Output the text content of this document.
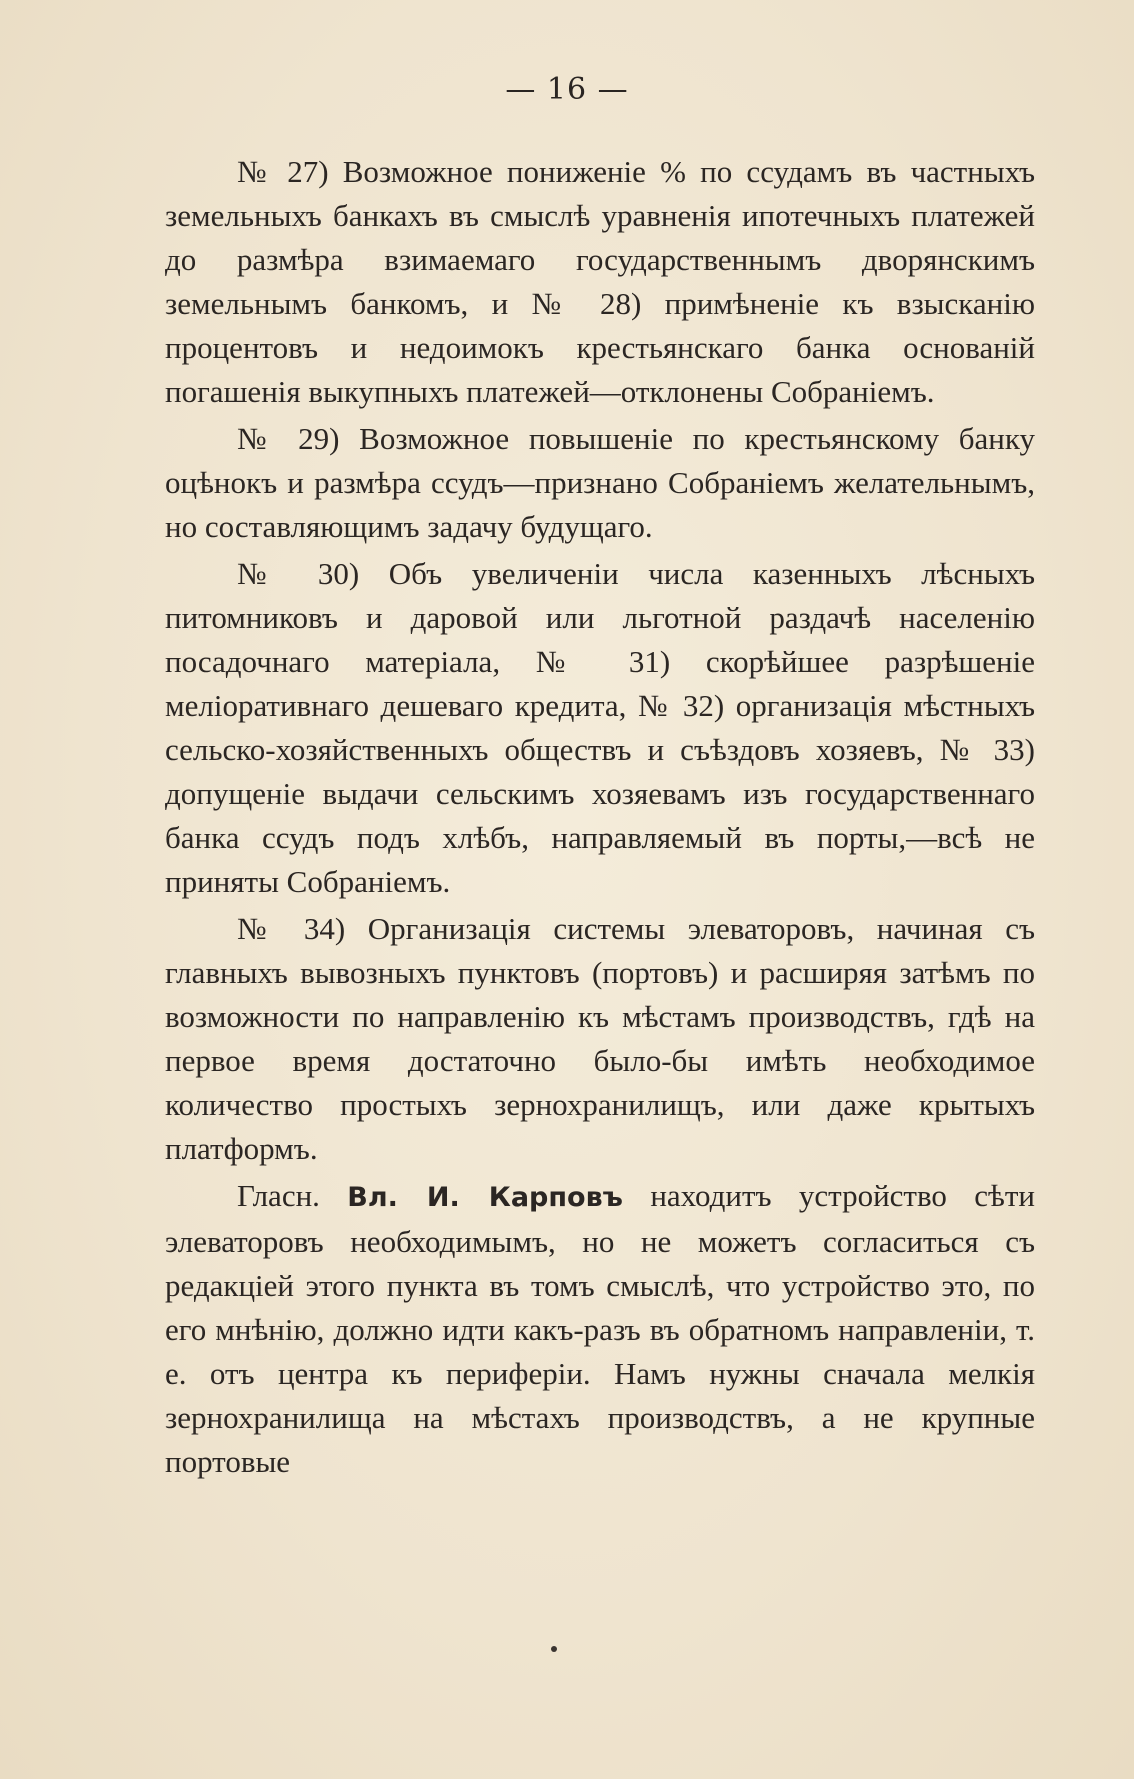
— 16 —

№ 27) Возможное пониженіе % по ссудамъ въ частныхъ земельныхъ банкахъ въ смыслѣ уравненія ипотечныхъ платежей до размѣра взимаемаго государственнымъ дворянскимъ земельнымъ банкомъ, и № 28) примѣненіе къ взысканію процентовъ и недоимокъ крестьянскаго банка основаній погашенія выкупныхъ платежей—отклонены Собраніемъ.

№ 29) Возможное повышеніе по крестьянскому банку оцѣнокъ и размѣра ссудъ—признано Собраніемъ желательнымъ, но составляющимъ задачу будущаго.

№ 30) Объ увеличеніи числа казенныхъ лѣсныхъ питомниковъ и даровой или льготной раздачѣ населенію посадочнаго матеріала, № 31) скорѣйшее разрѣшеніе меліоративнаго дешеваго кредита, № 32) организація мѣстныхъ сельско-хозяйственныхъ обществъ и съѣздовъ хозяевъ, № 33) допущеніе выдачи сельскимъ хозяевамъ изъ государственнаго банка ссудъ подъ хлѣбъ, направляемый въ порты,—всѣ не приняты Собраніемъ.

№ 34) Организація системы элеваторовъ, начиная съ главныхъ вывозныхъ пунктовъ (портовъ) и расширяя затѣмъ по возможности по направленію къ мѣстамъ производствъ, гдѣ на первое время достаточно было-бы имѣть необходимое количество простыхъ зернохранилищъ, или даже крытыхъ платформъ.

Гласн. Вл. И. Карповъ находитъ устройство сѣти элеваторовъ необходимымъ, но не можетъ согласиться съ редакціей этого пункта въ томъ смыслѣ, что устройство это, по его мнѣнію, должно идти какъ-разъ въ обратномъ направленіи, т. е. отъ центра къ периферіи. Намъ нужны сначала мелкія зернохранилища на мѣстахъ производствъ, а не крупные портовые
